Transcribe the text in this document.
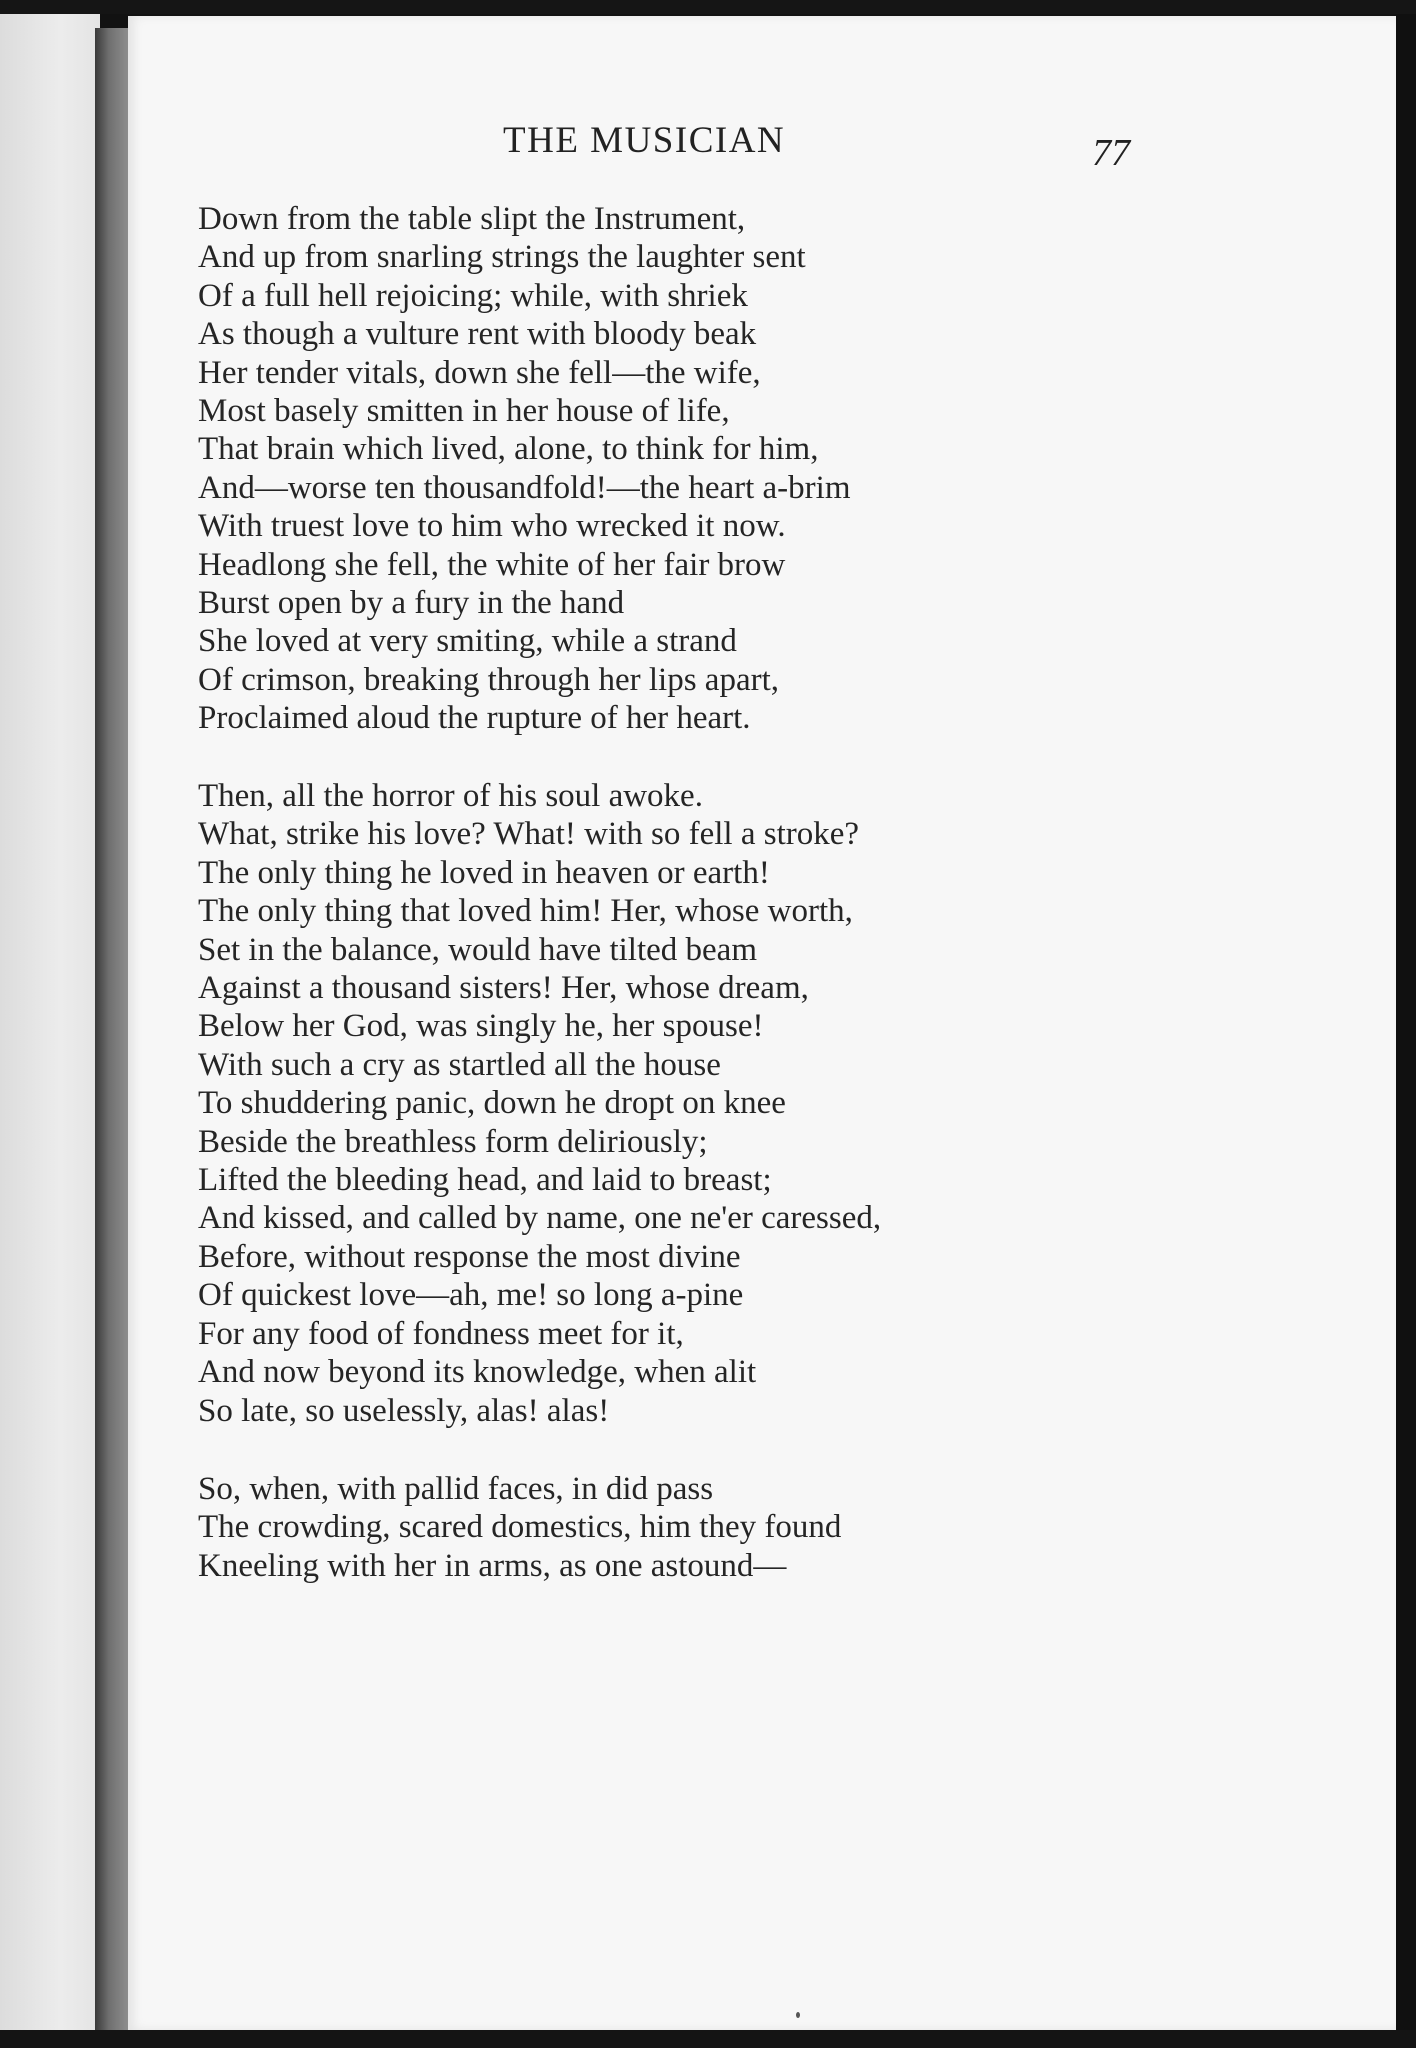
THE MUSICIAN	77
Down from the table slipt the Instrument,
And up from snarling strings the laughter sent
Of a full hell rejoicing; while, with shriek
As though a vulture rent with bloody beak
Her tender vitals, down she fell—the wife,
Most basely smitten in her house of life,
That brain which lived, alone, to think for him,
And—worse ten thousandfold!—the heart a-brim
With truest love to him who wrecked it now.
Headlong she fell, the white of her fair brow
Burst open by a fury in the hand
She loved at very smiting, while a strand
Of crimson, breaking through her lips apart,
Proclaimed aloud the rupture of her heart.
Then, all the horror of his soul awoke.
What, strike his love? What! with so fell a stroke?
The only thing he loved in heaven or earth!
The only thing that loved him! Her, whose worth,
Set in the balance, would have tilted beam
Against a thousand sisters! Her, whose dream,
Below her God, was singly he, her spouse!
With such a cry as startled all the house
To shuddering panic, down he dropt on knee
Beside the breathless form deliriously;
Lifted the bleeding head, and laid to breast;
And kissed, and called by name, one ne'er caressed,
Before, without response the most divine
Of quickest love—ah, me! so long a-pine
For any food of fondness meet for it,
And now beyond its knowledge, when alit
So late, so uselessly, alas! alas!
So, when, with pallid faces, in did pass
The crowding, scared domestics, him they found
Kneeling with her in arms, as one astound—
